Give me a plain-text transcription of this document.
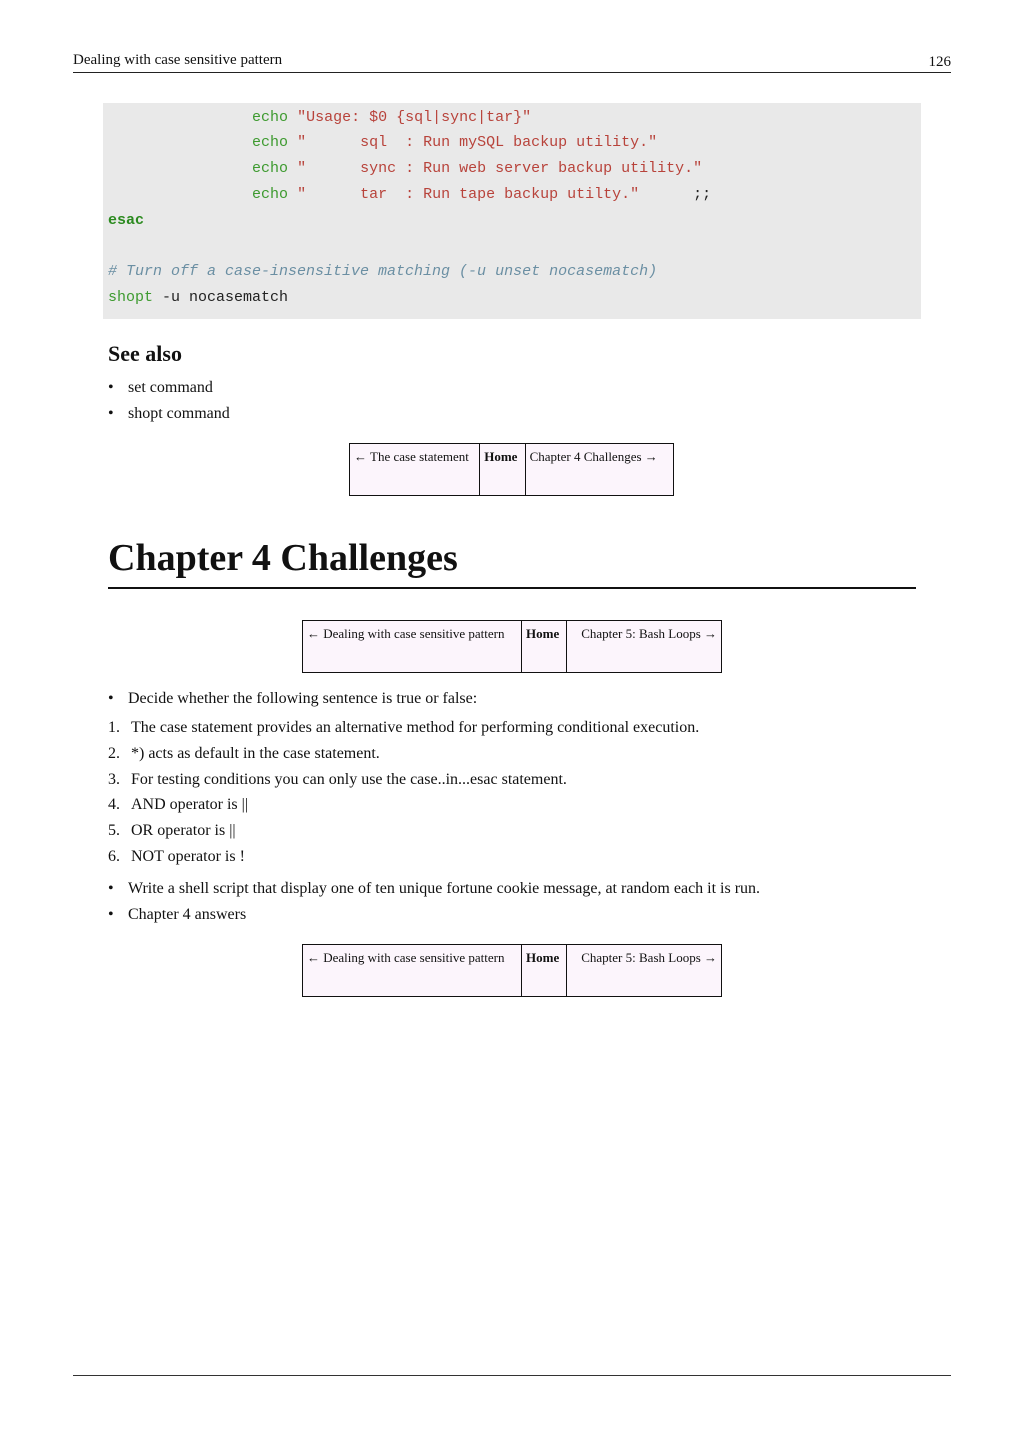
Dealing with case sensitive pattern	126
echo "Usage: $0 {sql|sync|tar}"
echo "      sql  : Run mySQL backup utility."
echo "      sync : Run web server backup utility."
echo "      tar  : Run tape backup utilty."	;;
esac
# Turn off a case-insensitive matching (-u unset nocasematch)
shopt -u nocasematch
See also
• set command
• shopt command
← The case statement	Home	Chapter 4 Challenges →
Chapter 4 Challenges
← Dealing with case sensitive pattern	Home	Chapter 5: Bash Loops →
• Decide whether the following sentence is true or false:
1. The case statement provides an alternative method for performing conditional execution.
2. *) acts as default in the case statement.
3. For testing conditions you can only use the case..in...esac statement.
4. AND operator is ||
5. OR operator is ||
6. NOT operator is !
• Write a shell script that display one of ten unique fortune cookie message, at random each it is run.
• Chapter 4 answers
← Dealing with case sensitive pattern	Home	Chapter 5: Bash Loops →
